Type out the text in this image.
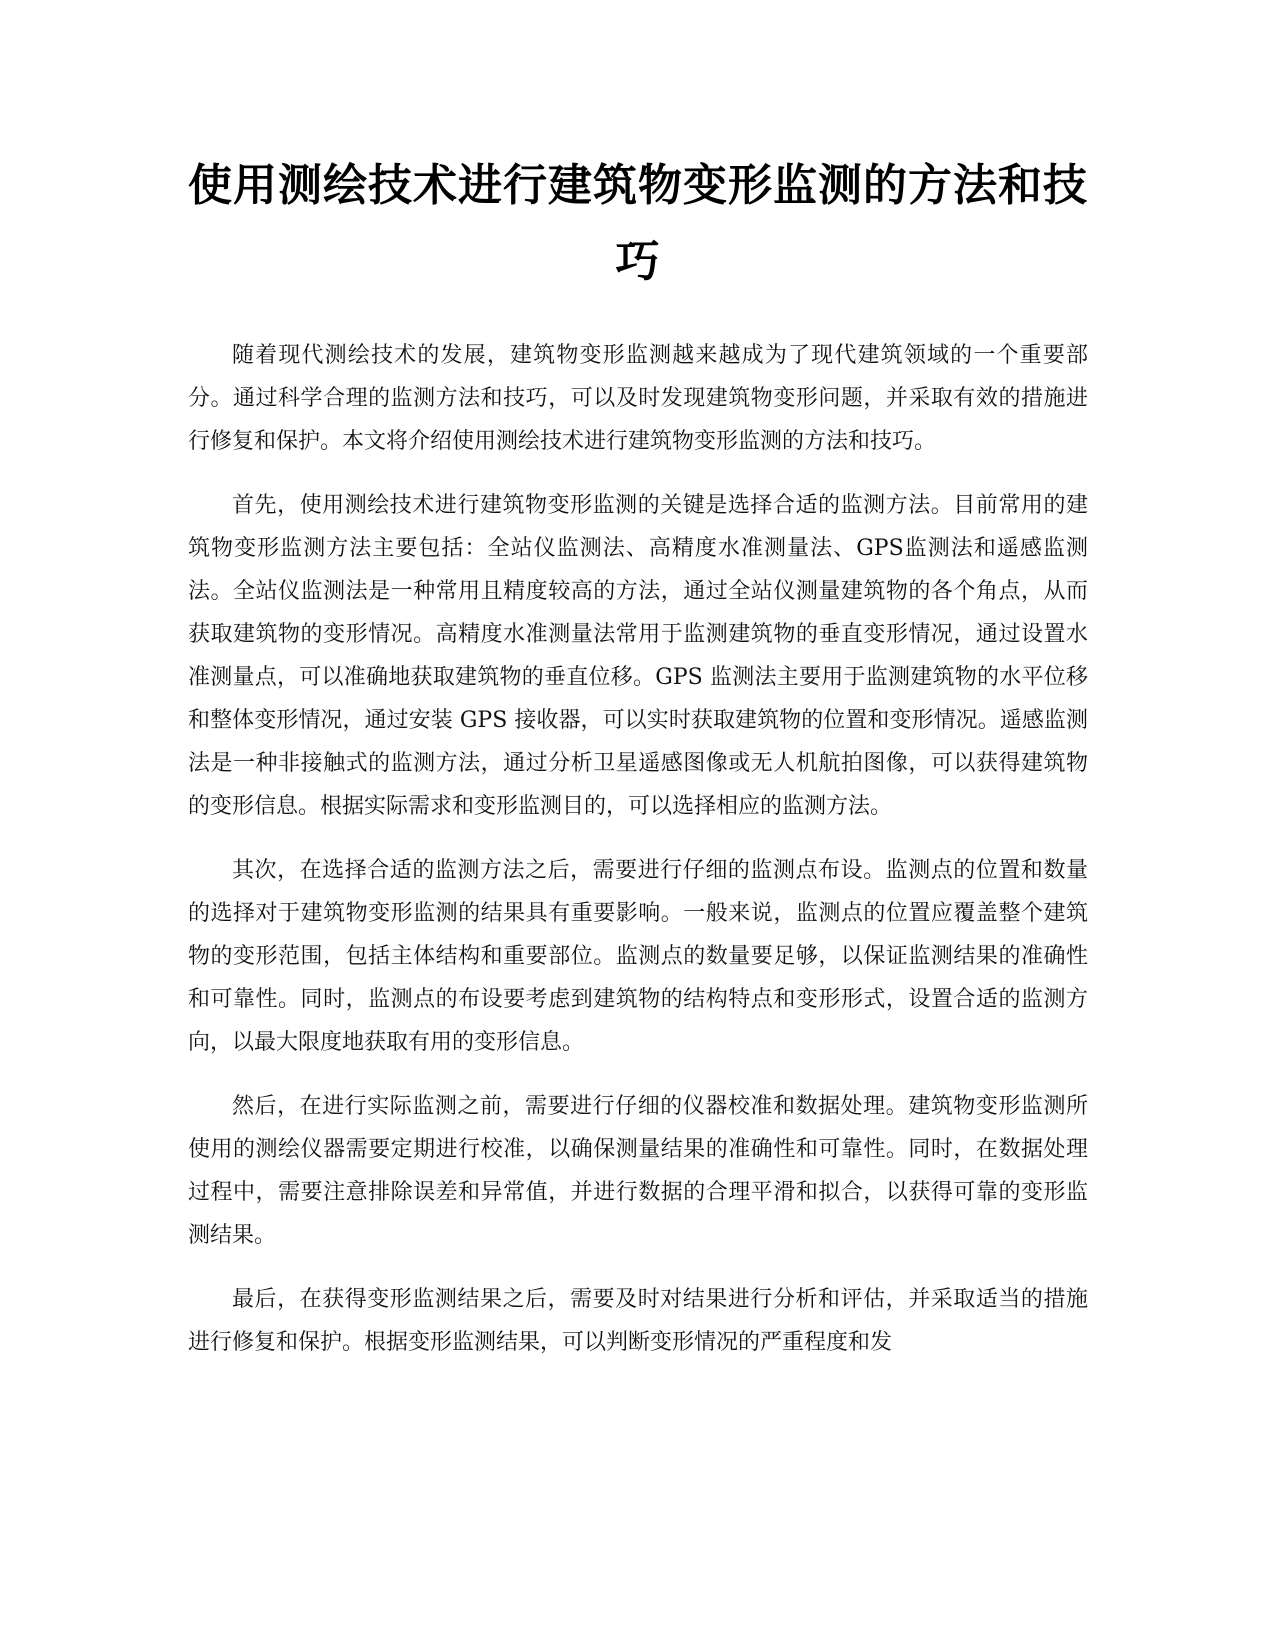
使用测绘技术进行建筑物变形监测的方法和技巧

随着现代测绘技术的发展，建筑物变形监测越来越成为了现代建筑领域的一个重要部分。通过科学合理的监测方法和技巧，可以及时发现建筑物变形问题，并采取有效的措施进行修复和保护。本文将介绍使用测绘技术进行建筑物变形监测的方法和技巧。

首先，使用测绘技术进行建筑物变形监测的关键是选择合适的监测方法。目前常用的建筑物变形监测方法主要包括：全站仪监测法、高精度水准测量法、GPS监测法和遥感监测法。全站仪监测法是一种常用且精度较高的方法，通过全站仪测量建筑物的各个角点，从而获取建筑物的变形情况。高精度水准测量法常用于监测建筑物的垂直变形情况，通过设置水准测量点，可以准确地获取建筑物的垂直位移。GPS 监测法主要用于监测建筑物的水平位移和整体变形情况，通过安装 GPS 接收器，可以实时获取建筑物的位置和变形情况。遥感监测法是一种非接触式的监测方法，通过分析卫星遥感图像或无人机航拍图像，可以获得建筑物的变形信息。根据实际需求和变形监测目的，可以选择相应的监测方法。

其次，在选择合适的监测方法之后，需要进行仔细的监测点布设。监测点的位置和数量的选择对于建筑物变形监测的结果具有重要影响。一般来说，监测点的位置应覆盖整个建筑物的变形范围，包括主体结构和重要部位。监测点的数量要足够，以保证监测结果的准确性和可靠性。同时，监测点的布设要考虑到建筑物的结构特点和变形形式，设置合适的监测方向，以最大限度地获取有用的变形信息。

然后，在进行实际监测之前，需要进行仔细的仪器校准和数据处理。建筑物变形监测所使用的测绘仪器需要定期进行校准，以确保测量结果的准确性和可靠性。同时，在数据处理过程中，需要注意排除误差和异常值，并进行数据的合理平滑和拟合，以获得可靠的变形监测结果。

最后，在获得变形监测结果之后，需要及时对结果进行分析和评估，并采取适当的措施进行修复和保护。根据变形监测结果，可以判断变形情况的严重程度和发
